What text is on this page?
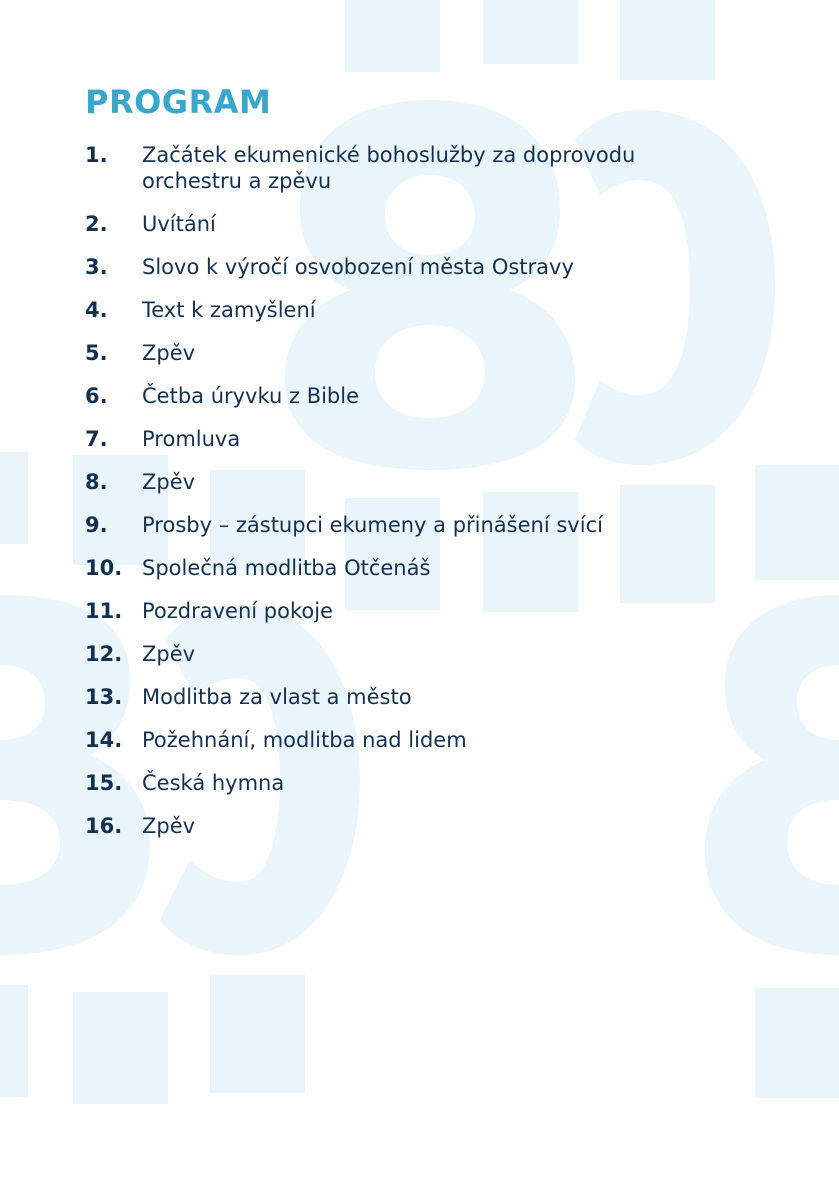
PROGRAM
1.	Začátek ekumenické bohoslužby za doprovodu orchestru a zpěvu
2.	Uvítání
3.	Slovo k výročí osvobození města Ostravy
4.	Text k zamyšlení
5.	Zpěv
6.	Četba úryvku z Bible
7.	Promluva
8.	Zpěv
9.	Prosby – zástupci ekumeny a přinášení svící
10. Společná modlitba Otčenáš
11. Pozdravení pokoje
12. Zpěv
13. Modlitba za vlast a město
14. Požehnání, modlitba nad lidem
15. Česká hymna
16. Zpěv
